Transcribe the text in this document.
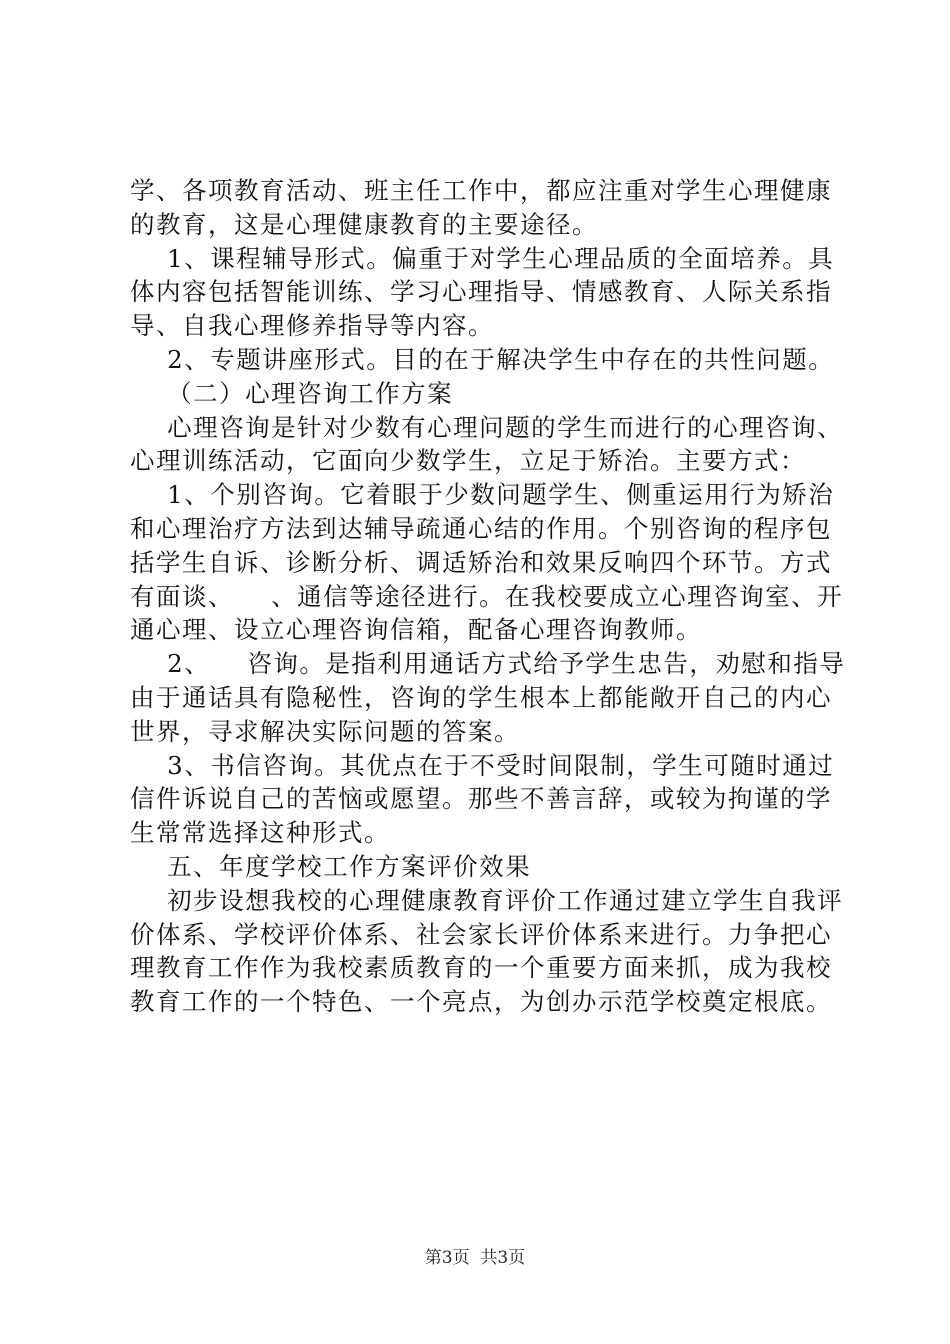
学、各项教育活动、班主任工作中，都应注重对学生心理健康
的教育，这是心理健康教育的主要途径。
1、课程辅导形式。偏重于对学生心理品质的全面培养。具
体内容包括智能训练、学习心理指导、情感教育、人际关系指
导、自我心理修养指导等内容。
2、专题讲座形式。目的在于解决学生中存在的共性问题。
（二）心理咨询工作方案
心理咨询是针对少数有心理问题的学生而进行的心理咨询、
心理训练活动，它面向少数学生，立足于矫治。主要方式：
1、个别咨询。它着眼于少数问题学生、侧重运用行为矫治
和心理治疗方法到达辅导疏通心结的作用。个别咨询的程序包
括学生自诉、诊断分析、调适矫治和效果反响四个环节。方式
有面谈、    、通信等途径进行。在我校要成立心理咨询室、开
通心理、设立心理咨询信箱，配备心理咨询教师。
2、    咨询。是指利用通话方式给予学生忠告，劝慰和指导
由于通话具有隐秘性，咨询的学生根本上都能敞开自己的内心
世界，寻求解决实际问题的答案。
3、书信咨询。其优点在于不受时间限制，学生可随时通过
信件诉说自己的苦恼或愿望。那些不善言辞，或较为拘谨的学
生常常选择这种形式。
五、年度学校工作方案评价效果
初步设想我校的心理健康教育评价工作通过建立学生自我评
价体系、学校评价体系、社会家长评价体系来进行。力争把心
理教育工作作为我校素质教育的一个重要方面来抓，成为我校
教育工作的一个特色、一个亮点，为创办示范学校奠定根底。
第3页  共3页
